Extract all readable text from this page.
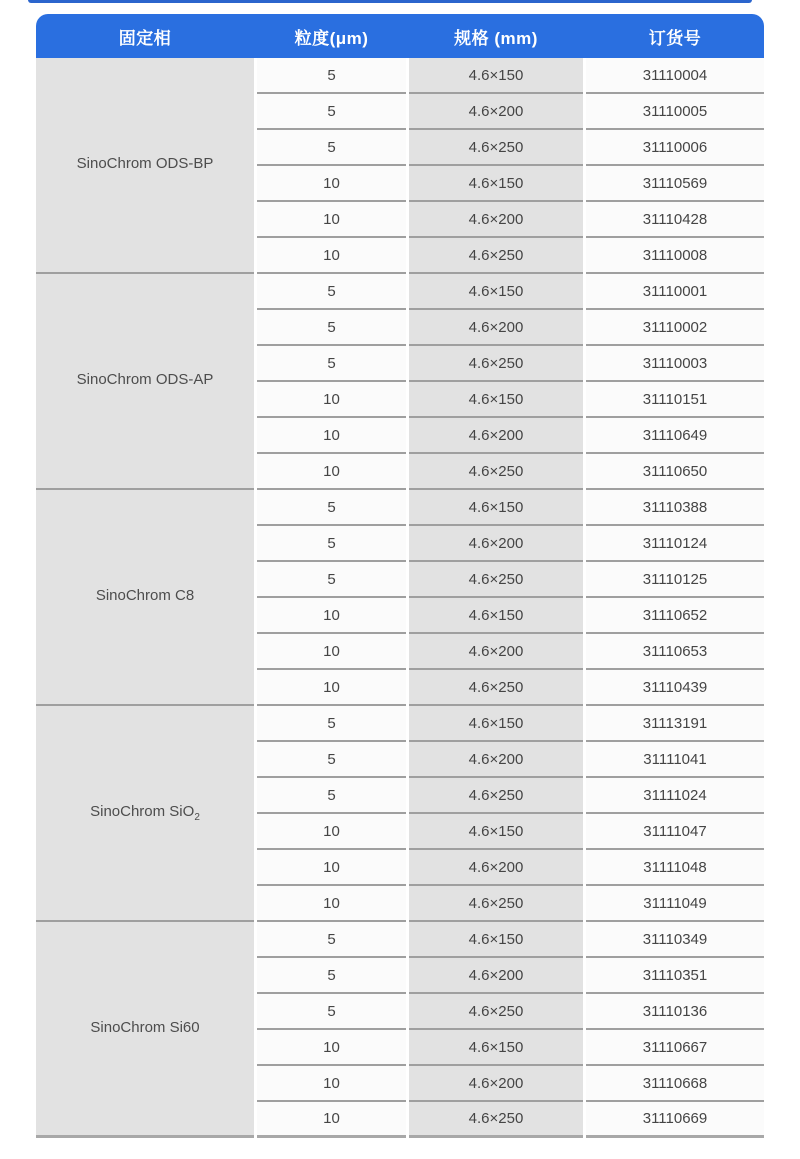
固定相	粒度(μm)	规格 (mm)	订货号
SinoChrom ODS-BP
5	4.6×150	31110004
5	4.6×200	31110005
5	4.6×250	31110006
10	4.6×150	31110569
10	4.6×200	31110428
10	4.6×250	31110008
SinoChrom ODS-AP
5	4.6×150	31110001
5	4.6×200	31110002
5	4.6×250	31110003
10	4.6×150	31110151
10	4.6×200	31110649
10	4.6×250	31110650
SinoChrom C8
5	4.6×150	31110388
5	4.6×200	31110124
5	4.6×250	31110125
10	4.6×150	31110652
10	4.6×200	31110653
10	4.6×250	31110439
SinoChrom SiO$_2$
5	4.6×150	31113191
5	4.6×200	31111041
5	4.6×250	31111024
10	4.6×150	31111047
10	4.6×200	31111048
10	4.6×250	31111049
SinoChrom Si60
5	4.6×150	31110349
5	4.6×200	31110351
5	4.6×250	31110136
10	4.6×150	31110667
10	4.6×200	31110668
10	4.6×250	31110669
